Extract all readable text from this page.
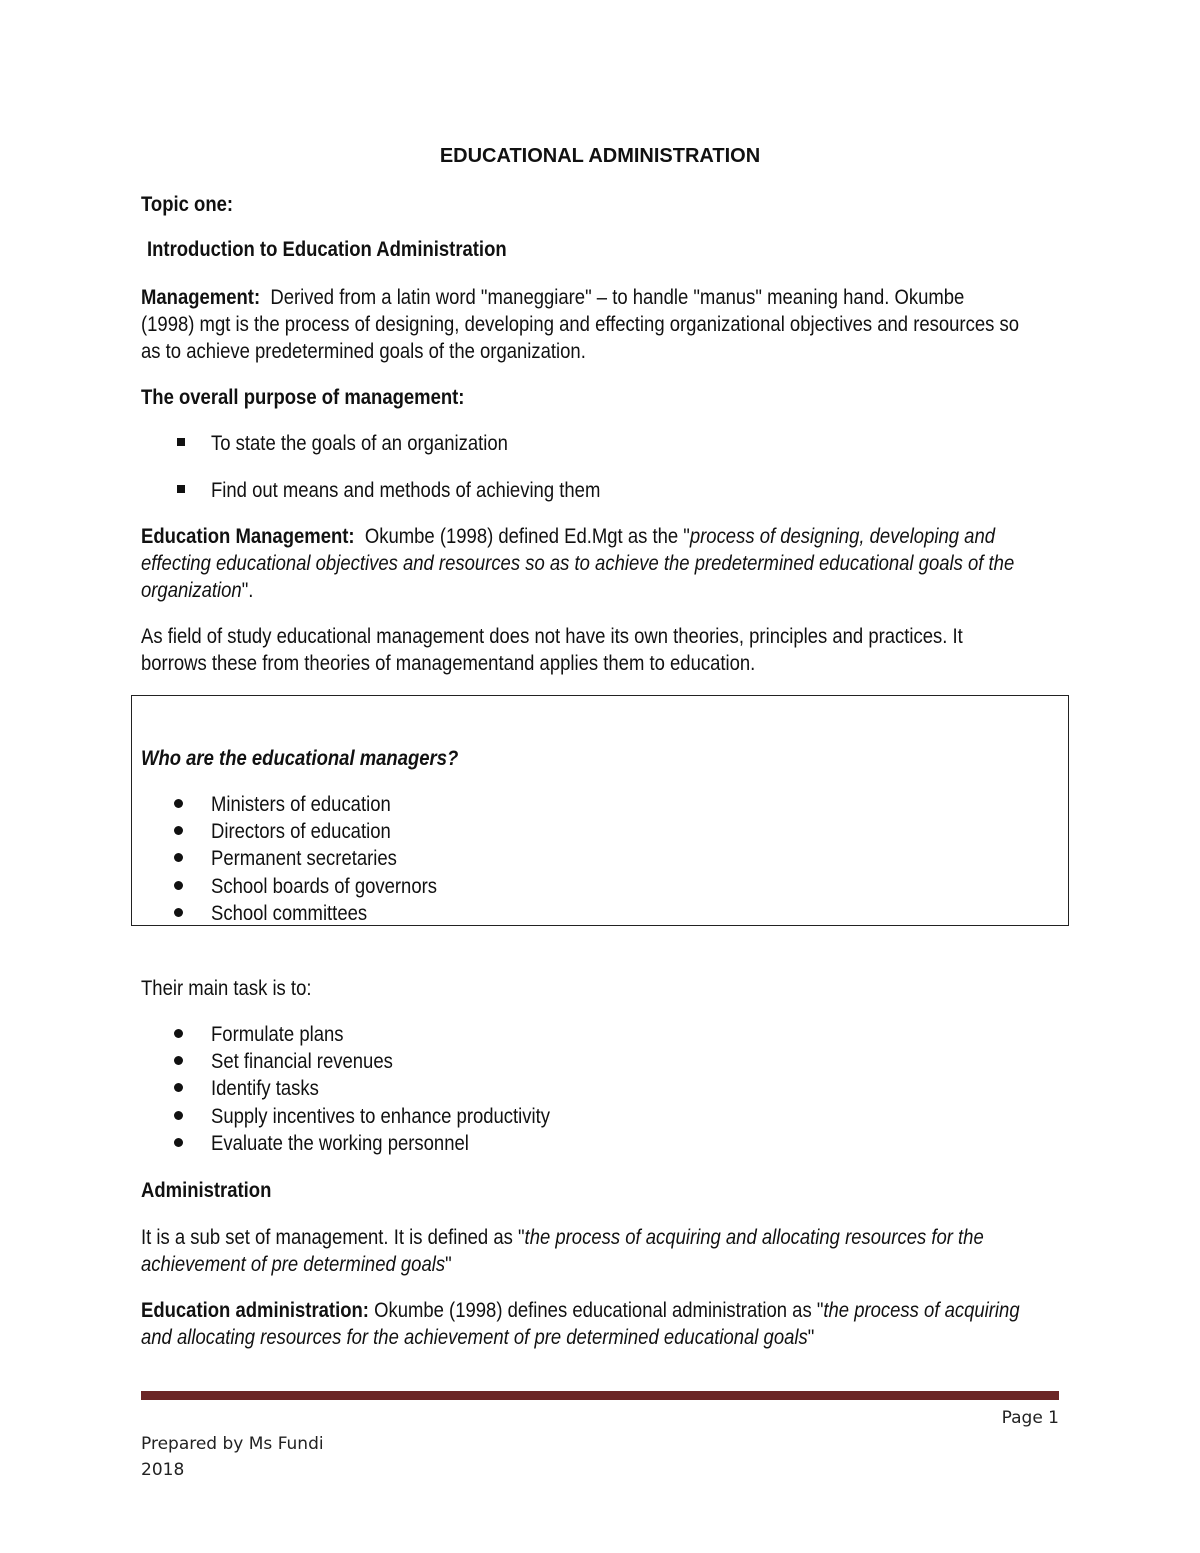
EDUCATIONAL ADMINISTRATION
Topic one:
Introduction to Education Administration
Management: Derived from a latin word "maneggiare" – to handle "manus" meaning hand. Okumbe
(1998) mgt is the process of designing, developing and effecting organizational objectives and resources so
as to achieve predetermined goals of the organization.
The overall purpose of management:
To state the goals of an organization
Find out means and methods of achieving them
Education Management: Okumbe (1998) defined Ed.Mgt as the "process of designing, developing and
effecting educational objectives and resources so as to achieve the predetermined educational goals of the
organization".
As field of study educational management does not have its own theories, principles and practices. It
borrows these from theories of managementand applies them to education.
Who are the educational managers?
Ministers of education
Directors of education
Permanent secretaries
School boards of governors
School committees
Their main task is to:
Formulate plans
Set financial revenues
Identify tasks
Supply incentives to enhance productivity
Evaluate the working personnel
Administration
It is a sub set of management. It is defined as "the process of acquiring and allocating resources for the
achievement of pre determined goals"
Education administration: Okumbe (1998) defines educational administration as "the process of acquiring
and allocating resources for the achievement of pre determined educational goals"
Page 1
Prepared by Ms Fundi
2018
